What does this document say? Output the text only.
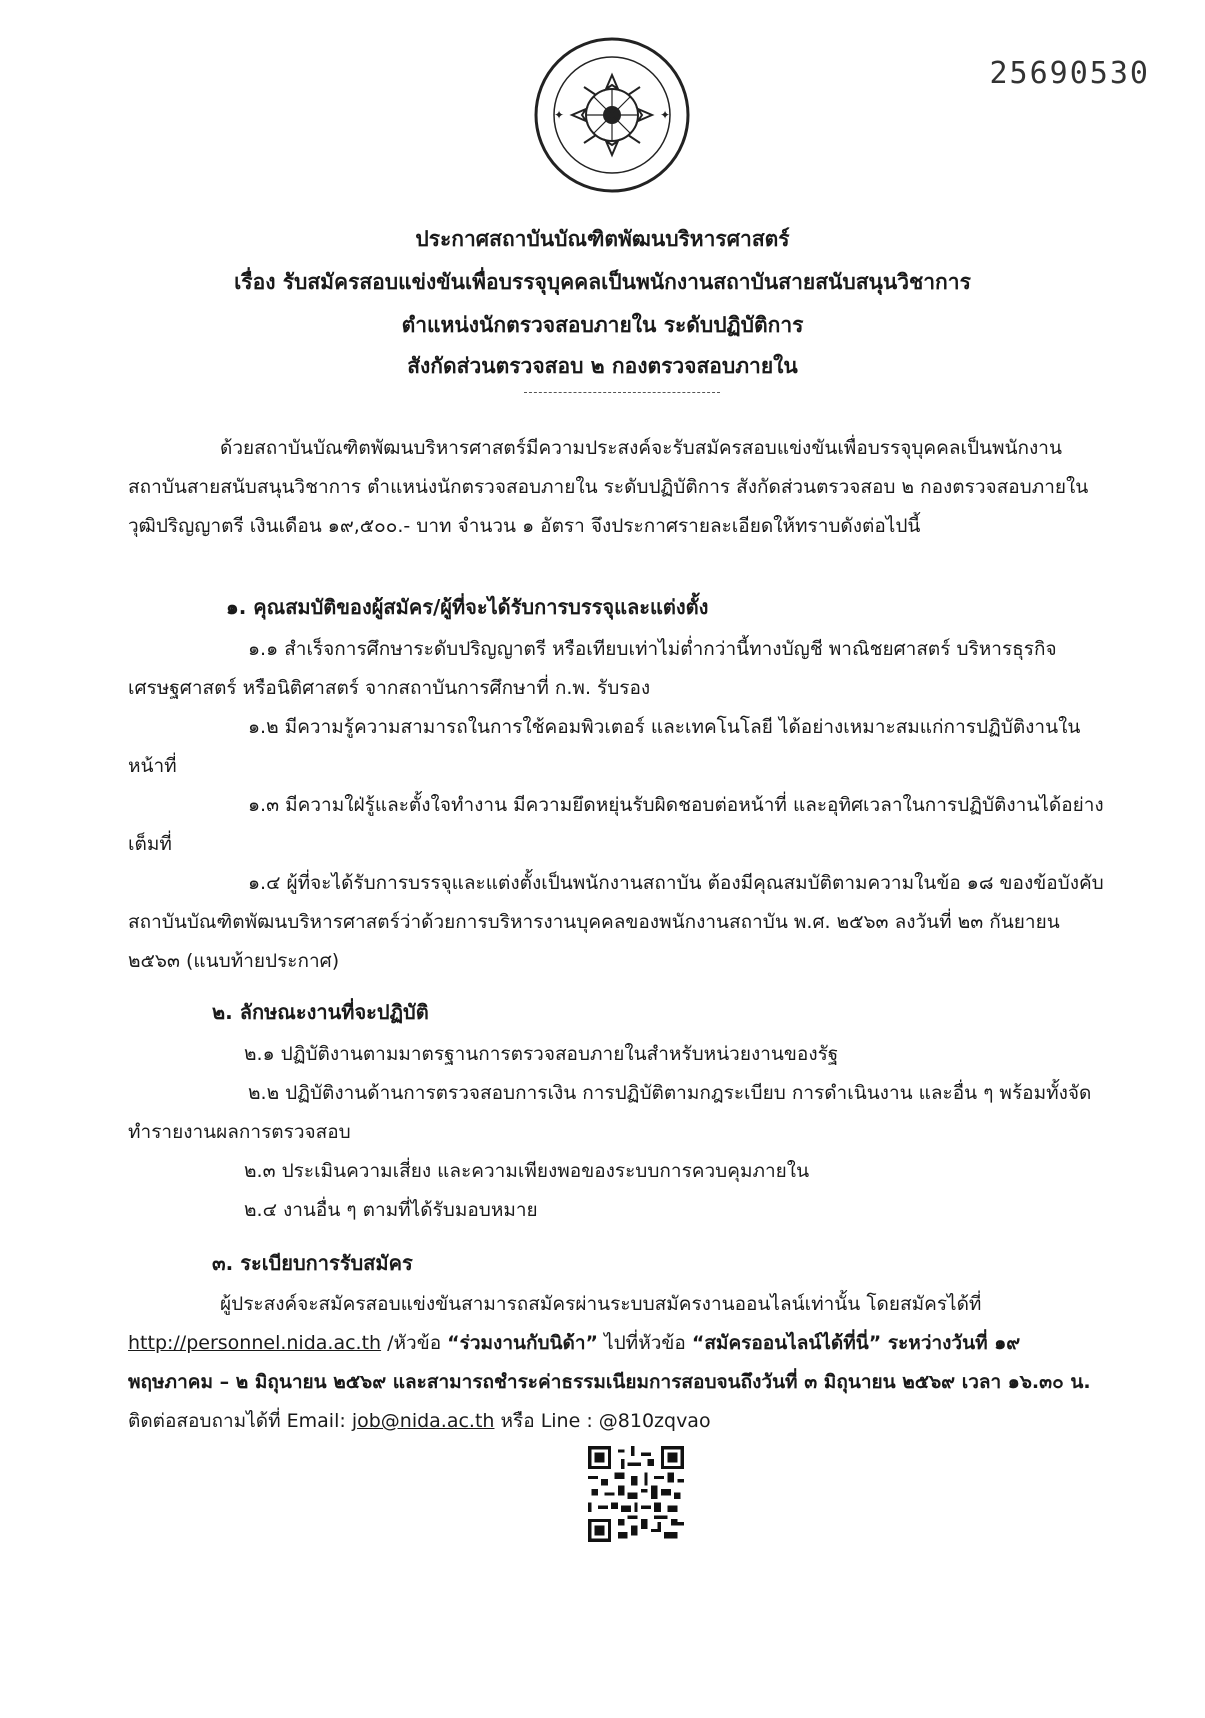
✦	✦
25690530
ประกาศสถาบันบัณฑิตพัฒนบริหารศาสตร์
เรื่อง รับสมัครสอบแข่งขันเพื่อบรรจุบุคคลเป็นพนักงานสถาบันสายสนับสนุนวิชาการ
ตำแหน่งนักตรวจสอบภายใน ระดับปฏิบัติการ
สังกัดส่วนตรวจสอบ ๒ กองตรวจสอบภายใน

ด้วยสถาบันบัณฑิตพัฒนบริหารศาสตร์มีความประสงค์จะรับสมัครสอบแข่งขันเพื่อบรรจุบุคคลเป็นพนักงานสถาบันสายสนับสนุนวิชาการ ตำแหน่งนักตรวจสอบภายใน ระดับปฏิบัติการ สังกัดส่วนตรวจสอบ ๒ กองตรวจสอบภายใน วุฒิปริญญาตรี เงินเดือน ๑๙,๕๐๐.- บาท จำนวน ๑ อัตรา จึงประกาศรายละเอียดให้ทราบดังต่อไปนี้

๑. คุณสมบัติของผู้สมัคร/ผู้ที่จะได้รับการบรรจุและแต่งตั้ง

๑.๑ สำเร็จการศึกษาระดับปริญญาตรี หรือเทียบเท่าไม่ต่ำกว่านี้ทางบัญชี พาณิชยศาสตร์ บริหารธุรกิจ เศรษฐศาสตร์ หรือนิติศาสตร์ จากสถาบันการศึกษาที่ ก.พ. รับรอง

๑.๒ มีความรู้ความสามารถในการใช้คอมพิวเตอร์ และเทคโนโลยี ได้อย่างเหมาะสมแก่การปฏิบัติงานในหน้าที่

๑.๓ มีความใฝ่รู้และตั้งใจทำงาน มีความยึดหยุ่นรับผิดชอบต่อหน้าที่ และอุทิศเวลาในการปฏิบัติงานได้อย่างเต็มที่

๑.๔ ผู้ที่จะได้รับการบรรจุและแต่งตั้งเป็นพนักงานสถาบัน ต้องมีคุณสมบัติตามความในข้อ ๑๘ ของข้อบังคับสถาบันบัณฑิตพัฒนบริหารศาสตร์ว่าด้วยการบริหารงานบุคคลของพนักงานสถาบัน พ.ศ. ๒๕๖๓ ลงวันที่ ๒๓ กันยายน ๒๕๖๓ (แนบท้ายประกาศ)

๒. ลักษณะงานที่จะปฏิบัติ

๒.๑ ปฏิบัติงานตามมาตรฐานการตรวจสอบภายในสำหรับหน่วยงานของรัฐ

๒.๒ ปฏิบัติงานด้านการตรวจสอบการเงิน การปฏิบัติตามกฎระเบียบ การดำเนินงาน และอื่น ๆ พร้อมทั้งจัดทำรายงานผลการตรวจสอบ

๒.๓ ประเมินความเสี่ยง และความเพียงพอของระบบการควบคุมภายใน

๒.๔ งานอื่น ๆ ตามที่ได้รับมอบหมาย

๓. ระเบียบการรับสมัคร

ผู้ประสงค์จะสมัครสอบแข่งขันสามารถสมัครผ่านระบบสมัครงานออนไลน์เท่านั้น โดยสมัครได้ที่ http://personnel.nida.ac.th /หัวข้อ “ร่วมงานกับนิด้า” ไปที่หัวข้อ “สมัครออนไลน์ได้ที่นี่” ระหว่างวันที่ ๑๙ พฤษภาคม – ๒ มิถุนายน ๒๕๖๙ และสามารถชำระค่าธรรมเนียมการสอบจนถึงวันที่ ๓ มิถุนายน ๒๕๖๙ เวลา ๑๖.๓๐ น. ติดต่อสอบถามได้ที่ Email: job@nida.ac.th หรือ Line : @810zqvao
